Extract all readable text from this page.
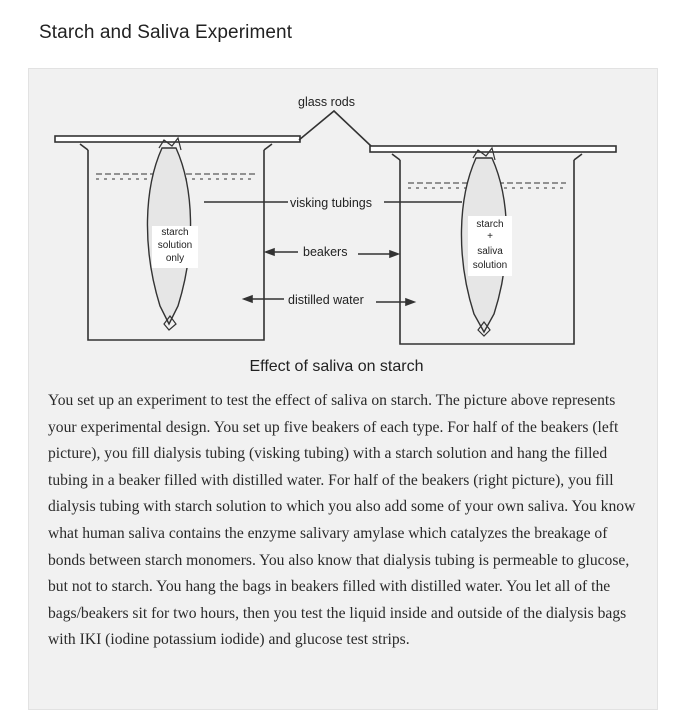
Starch and Saliva Experiment
glass rods
visking tubings
beakers
distilled water
starch
solution
only
starch
+
saliva
solution
Effect of saliva on starch

You set up an experiment to test the effect of saliva on starch. The picture above represents your experimental design. You set up five beakers of each type. For half of the beakers (left picture), you fill dialysis tubing (visking tubing) with a starch solution and hang the filled tubing in a beaker filled with distilled water. For half of the beakers (right picture), you fill dialysis tubing with starch solution to which you also add some of your own saliva. You know what human saliva contains the enzyme salivary amylase which catalyzes the breakage of bonds between starch monomers. You also know that dialysis tubing is permeable to glucose, but not to starch. You hang the bags in beakers filled with distilled water. You let all of the bags/beakers sit for two hours, then you test the liquid inside and outside of the dialysis bags with IKI (iodine potassium iodide) and glucose test strips.
